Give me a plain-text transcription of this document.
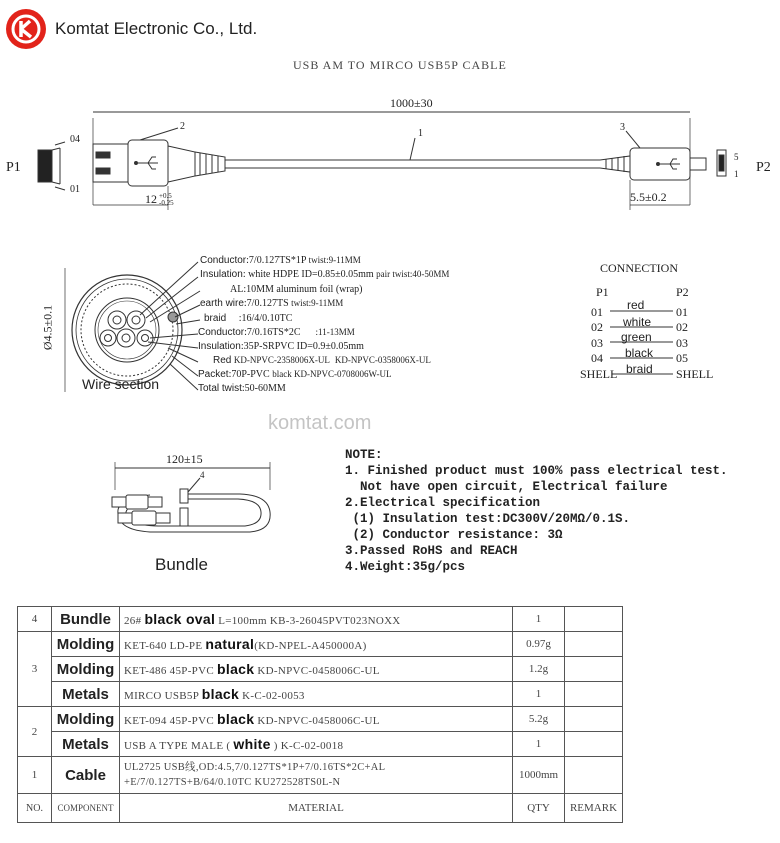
Komtat Electronic Co., Ltd.
USB AM TO MIRCO USB5P CABLE
1000±30
P1	P2
04
01
5
1
2
1
3
12 +0.5
-0.25	5.5±0.2
Ø4.5±0.1
Wire section
Conductor:7/0.127TS*1P twist:9-11MM
Insulation: white HDPE ID=0.85±0.05mm pair twist:40-50MM
AL:10MM aluminum foil (wrap)
earth wire:7/0.127TS twist:9-11MM
braid :16/4/0.10TC
Conductor:7/0.16TS*2C :11-13MM
Insulation:35P-SRPVC ID=0.9±0.05mm
Red KD-NPVC-2358006X-UL KD-NPVC-0358006X-UL
Packet:70P-PVC black KD-NPVC-0708006W-UL
Total twist:50-60MM
CONNECTION
P1	P2
01 red	01
02 white 02
03 green 03
04 black 05
SHELL braid SHELL
komtat.com
120±15
4
Bundle
NOTE:
1. Finished product must 100% pass electrical test.
Not have open circuit, Electrical failure
2.Electrical specification
(1) Insulation test:DC300V/20MΩ/0.1S.
(2) Conductor resistance: 3Ω
3.Passed RoHS and REACH
4.Weight:35g/pcs
4	Bundle	26# black oval L=100mm KB-3-26045PVT023NOXX	1	
3	Molding	KET-640 LD-PE natural(KD-NPEL-A450000A)	0.97g	
	Molding	KET-486 45P-PVC black KD-NPVC-0458006C-UL	1.2g	
	Metals	MIRCO USB5P black K-C-02-0053	1	
2	Molding	KET-094 45P-PVC black KD-NPVC-0458006C-UL	5.2g	
	Metals	USB A TYPE MALE ( white ) K-C-02-0018	1	
1	Cable	UL2725 USB线,OD:4.5,7/0.127TS*1P+7/0.16TS*2C+AL
+E/7/0.127TS+B/64/0.10TC KU272528TS0L-N	1000mm	
NO.	COMPONENT	MATERIAL	QTY	REMARK
